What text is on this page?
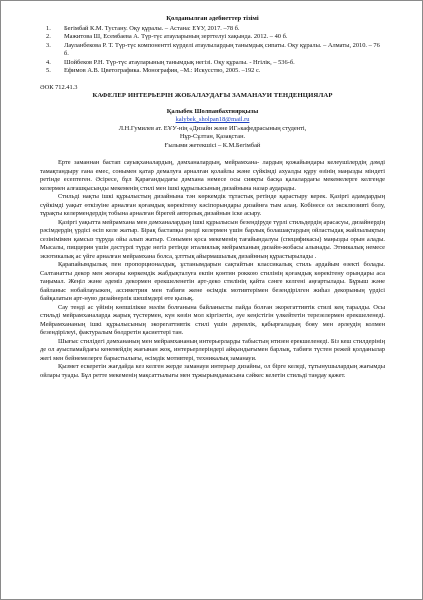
Қолданылған әдебиеттер тізімі
1. Бегімбай К.М. Тустану. Оқу құралы. – Астана: ЕҰУ, 2017. –78 б.
2. Мажитова Ш, Есембаева А. Түр-түс атауларының зерттелуі хақында. 2012. – 40 б.
3. Лауланбекова Р. Т. Түр-түс компоненттi күрделі атаулылардың танымдық сипаты. Оқу құралы. – Алматы, 2010. – 76 б.
4. Шойбеков Р.Н. Түр-түс атауларының танымдық негізі. Оқу құралы. - Нгілік, – 536-б.
5. Ефимов А.В. Цветографика. Монография, –М.: Искусство, 2005. –192 с.
ӘОК 712.41.3
КАФЕЛЕР ИНТЕРЬЕРІН ЖОБАЛАУДАҒЫ ЗАМАНАУИ ТЕНДЕНЦИЯЛАР
Қалыбек Шолпанбахтиярқызы
kalybek_sholpan18@mail.ru
Л.Н.Гумилев ат. ЕҰУ-нің «Дизайн және ИГ»кафедрасының студенті,
Нұр-Сұлтан, Қазақстан.
Ғылыми жетекшісі – К.М.Бегімбай

Ерте заманнан бастап сауықханалардың, дәмханалардың, мейрамхана- лардың қожайындары келеушілердің дәмді тамақтандыру ғана емес, сонымен қатар демалуға арналған қолайлы және сүйкімді ахуалды құру өзінің маңызды міндеті ретінде есептеген. Әсіресе, бұл Қарағандыдағы дәмхана немесе осы сияқты басқа қалалардағы мекемелерге келгенде келермен алғашқысынды мекеменің стилі мен ішкі құрылысының дизайнына назар аударады.

Стильді нақты ішкі құрылыстың дизайнына тән көркемдік тұтастық ретінде қарастыру керек. Қазіргі адамдардың сүйкімді уақыт өткізуіне арналған қоғамдық көрекітену кәсіпорындары дизайнға тым алаң. Кобінесе ол эксклюзивті болу, тұрақты келермендердің тобына арналған бірегей авторлық дизайнын іске асыру.

Қазіргі уақытта мейрамхана мен дәмханалардың ішкі құрылысын безендіруде түрлі стильдердің арасасуы, дизайнердің рәсімдердің үрдісі өсіп келе жатыр. Бірақ бастапқы рөлді келермен үшін барлық болашақтардың ойластыдақ жайлылықтың сезінімімен қамсыз тұруда ойы алып жатыр. Сонымен қоса мекеменің тағайындалуы (спецификасы) маңызды орын алады. Мысалы, пиццерия үшін дәстүрлі түрде негіз ретінде италиялық мейрамханың дизайн-жобасы алынады. Этникалық немесе экзотикалық ас үйге арналған мейрамхана болса, ұлттық айырмашылық дизайнның құрастырылады .

Қарапайымдылық пен пропорционалдық, ұстанымдарын сақтайтын классикалық стиль ардайым өзекті болады. Салтанатты декор мен жоғары көркемдік жабдықталуға екпін қонтин роккою стилінің қоғамдық көрекітену орындары аса таңымал. Жеңіл және әдеміз декормен ерекшеленетін арт-деко стилінің қайта сәнге келгені аңғартылады. Бұрыш және байланыс нобайлауыжен, ассиметрия мен табиғи жене өсімдік мотивтерімен безендірілген жиһаз декорының үрдісі байқалатын арт-нуво дизайнерлік шешімдері өте қызық.

Сау тенді ас үйінің көпшілікке мәлім болғанына байланысты пайда болған экорегаттивтік стилі кең таралды. Осы стильді мейрамханаларда жарық түстермен, күн көзін мол кіргізетін, әуе кеңістігін үлкейтетін терезелермен ерекшеленеді. Мейрамхананың ішкі құрылысының экорегаттивтік стилі үшін деревлік, қабырғаладың бояу мен әрлеудің колмен безендірілеуі, фактуралым бөлдретін қасиеттері тан.

Шығыс стилідегі дәмхананың мен мейрамхананың интерьерларды табыстың нтизен ерекшеленеді. Біз кеш стилдерінің де ол ауыспамайдағы кенемейдің жағынан жоқ, интерьерлеріндері айқындығымен барлық, табиғи түстен режей қолданылар жегі мен бейнемелерге барыстылығы, өсімдік мотивтері, техникалық заманауи.

Қызмет ескеретін жағдайда кез келген жерде заманауи интерьер дизайны, ол бірге келеді, тұтынушылардың жағымды ойлары туады. Бұл ретте мекеменің мақсаттылығы мен тұжырымдамасына сәйкес келетін стильді таңдау қажет.
